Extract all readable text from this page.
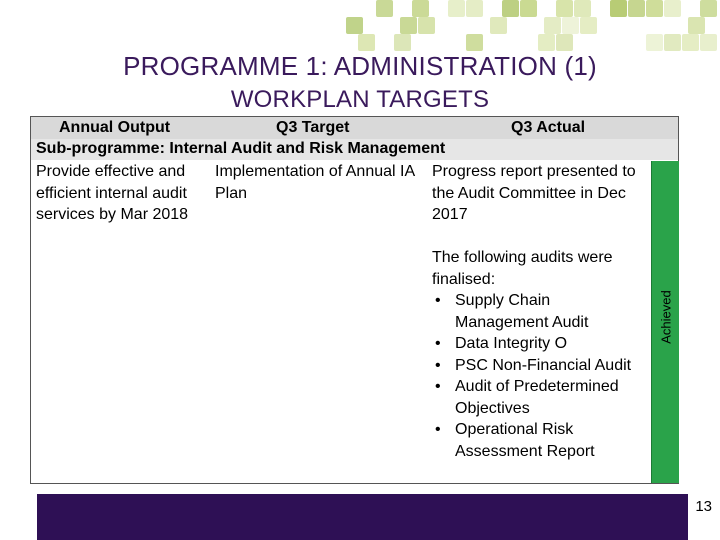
PROGRAMME 1: ADMINISTRATION (1)
WORKPLAN TARGETS
Annual Output	Q3 Target	Q3 Actual
Sub-programme: Internal Audit and Risk Management
Provide effective and efficient internal audit services by Mar 2018
Implementation of Annual IA Plan
Progress report presented to the Audit Committee in Dec 2017
The following audits were finalised:
• Supply Chain Management Audit
• Data Integrity O
• PSC Non-Financial Audit
• Audit of Predetermined Objectives
• Operational Risk Assessment Report
Achieved
13
